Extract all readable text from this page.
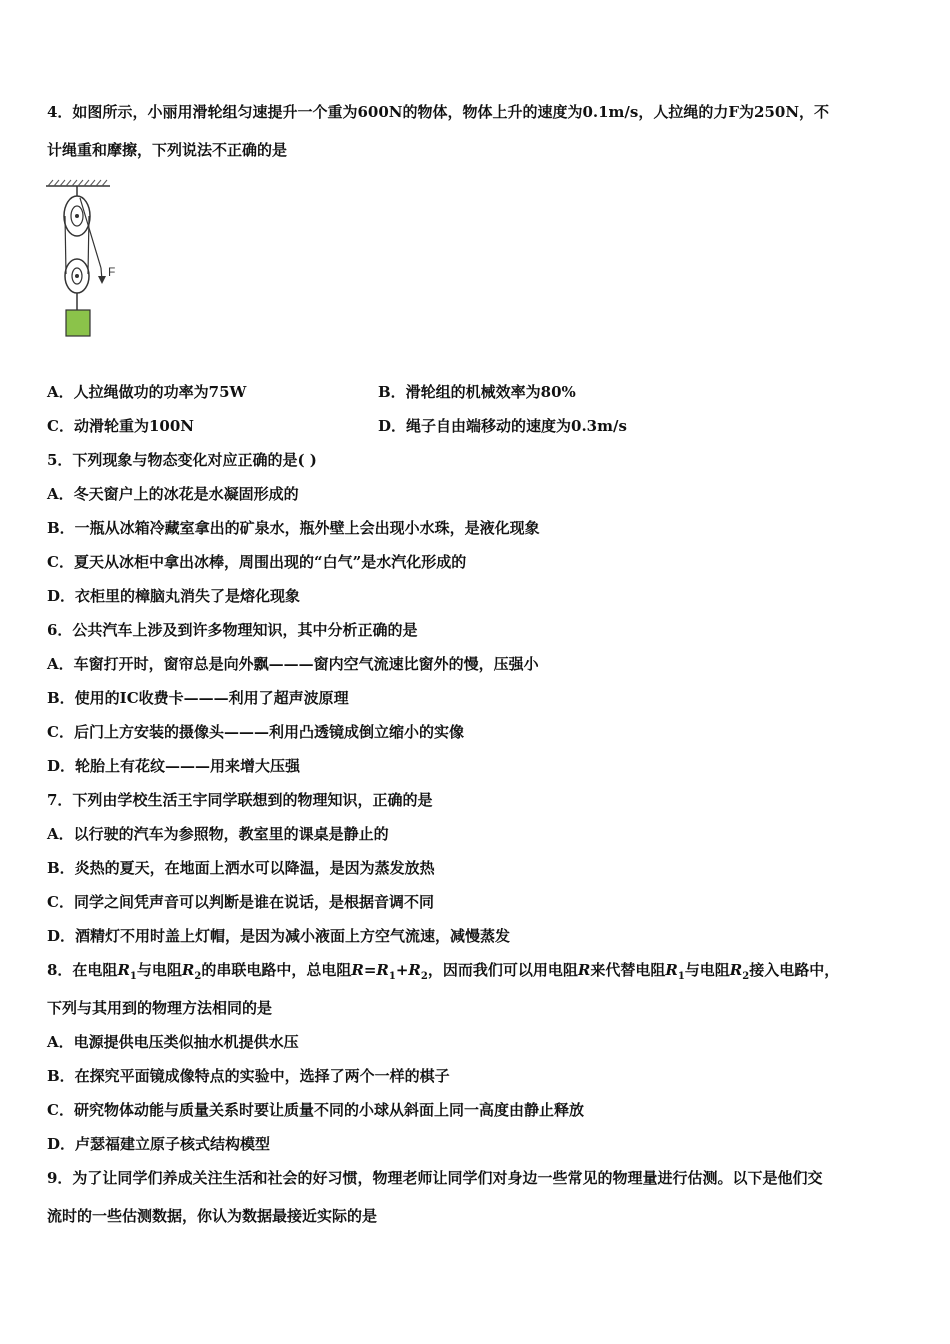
4．如图所示，小丽用滑轮组匀速提升一个重为600N的物体，物体上升的速度为0.1m/s，人拉绳的力F为250N，不
计绳重和摩擦，下列说法不正确的是
F
A．人拉绳做功的功率为75W	B．滑轮组的机械效率为80%
C．动滑轮重为100N	D．绳子自由端移动的速度为0.3m/s
5．下列现象与物态变化对应正确的是( )
A．冬天窗户上的冰花是水凝固形成的
B．一瓶从冰箱冷藏室拿出的矿泉水，瓶外壁上会出现小水珠，是液化现象
C．夏天从冰柜中拿出冰棒，周围出现的“白气”是水汽化形成的
D．衣柜里的樟脑丸消失了是熔化现象
6．公共汽车上涉及到许多物理知识，其中分析正确的是
A．车窗打开时，窗帘总是向外飘———窗内空气流速比窗外的慢，压强小
B．使用的IC收费卡———利用了超声波原理
C．后门上方安装的摄像头———利用凸透镜成倒立缩小的实像
D．轮胎上有花纹———用来增大压强
7．下列由学校生活王宇同学联想到的物理知识，正确的是
A．以行驶的汽车为参照物，教室里的课桌是静止的
B．炎热的夏天，在地面上洒水可以降温，是因为蒸发放热
C．同学之间凭声音可以判断是谁在说话，是根据音调不同
D．酒精灯不用时盖上灯帽，是因为减小液面上方空气流速，减慢蒸发
8．在电阻$R_1$与电阻$R_2$的串联电路中，总电阻$R=R_1+R_2$，因而我们可以用电阻R来代替电阻$R_1$与电阻$R_2$接入电路中，
下列与其用到的物理方法相同的是
A．电源提供电压类似抽水机提供水压
B．在探究平面镜成像特点的实验中，选择了两个一样的棋子
C．研究物体动能与质量关系时要让质量不同的小球从斜面上同一高度由静止释放
D．卢瑟福建立原子核式结构模型
9．为了让同学们养成关注生活和社会的好习惯，物理老师让同学们对身边一些常见的物理量进行估测。以下是他们交
流时的一些估测数据，你认为数据最接近实际的是
